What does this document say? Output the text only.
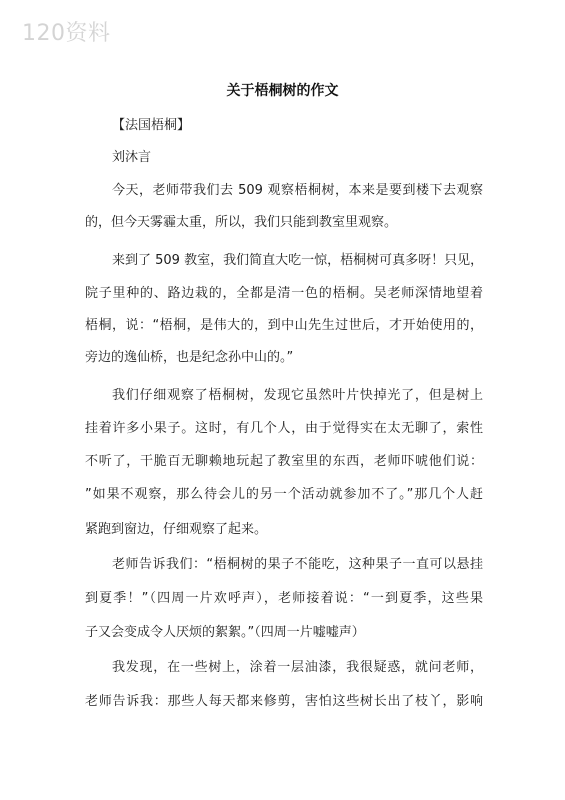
120资料
关于梧桐树的作文
【法国梧桐】
刘沐言
今天，老师带我们去 509 观察梧桐树，本来是要到楼下去观察
的，但今天雾霾太重，所以，我们只能到教室里观察。
来到了 509 教室，我们简直大吃一惊，梧桐树可真多呀！只见，
院子里种的、路边栽的，全都是清一色的梧桐。吴老师深情地望着
梧桐，说：“梧桐，是伟大的，到中山先生过世后，才开始使用的，
旁边的逸仙桥，也是纪念孙中山的。”
我们仔细观察了梧桐树，发现它虽然叶片快掉光了，但是树上
挂着许多小果子。这时，有几个人，由于觉得实在太无聊了，索性
不听了，干脆百无聊赖地玩起了教室里的东西，老师吓唬他们说：
”如果不观察，那么待会儿的另一个活动就参加不了。”那几个人赶
紧跑到窗边，仔细观察了起来。
老师告诉我们：“梧桐树的果子不能吃，这种果子一直可以悬挂
到夏季！”（四周一片欢呼声），老师接着说：“一到夏季，这些果
子又会变成令人厌烦的絮絮。”（四周一片嘘嘘声）
我发现，在一些树上，涂着一层油漆，我很疑惑，就问老师，
老师告诉我：那些人每天都来修剪，害怕这些树长出了枝丫，影响
